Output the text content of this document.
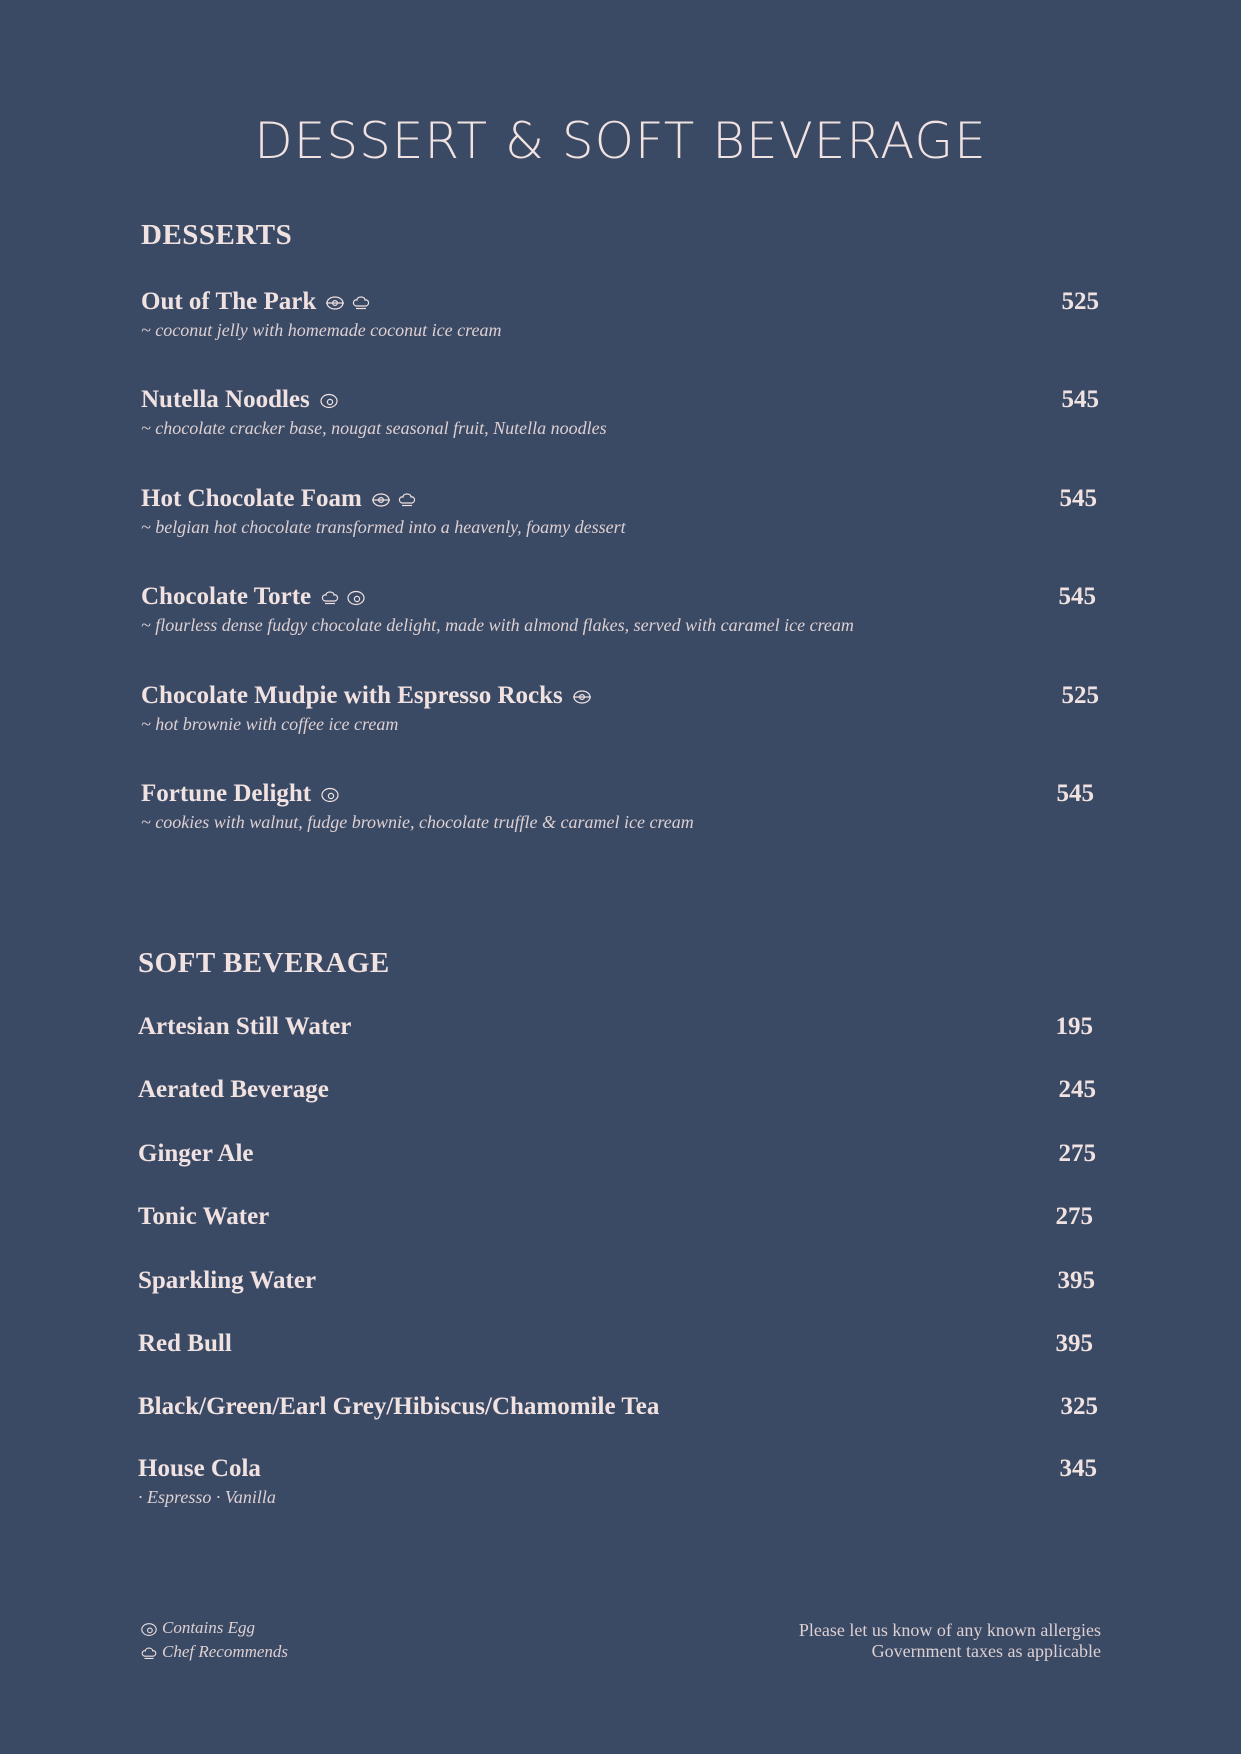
DESSERT & SOFT BEVERAGE
DESSERTS
Out of The Park	525
~ coconut jelly with homemade coconut ice cream
Nutella Noodles	545
~ chocolate cracker base, nougat seasonal fruit, Nutella noodles
Hot Chocolate Foam	545
~ belgian hot chocolate transformed into a heavenly, foamy dessert
Chocolate Torte	545
~ flourless dense fudgy chocolate delight, made with almond flakes, served with caramel ice cream
Chocolate Mudpie with Espresso Rocks	525
~ hot brownie with coffee ice cream
Fortune Delight	545
~ cookies with walnut, fudge brownie, chocolate truffle & caramel ice cream
SOFT BEVERAGE
Artesian Still Water	195
Aerated Beverage	245
Ginger Ale	275
Tonic Water	275
Sparkling Water	395
Red Bull	395
Black/Green/Earl Grey/Hibiscus/Chamomile Tea	325
House Cola	345
· Espresso · Vanilla
Contains Egg
Chef Recommends
Please let us know of any known allergies
Government taxes as applicable
